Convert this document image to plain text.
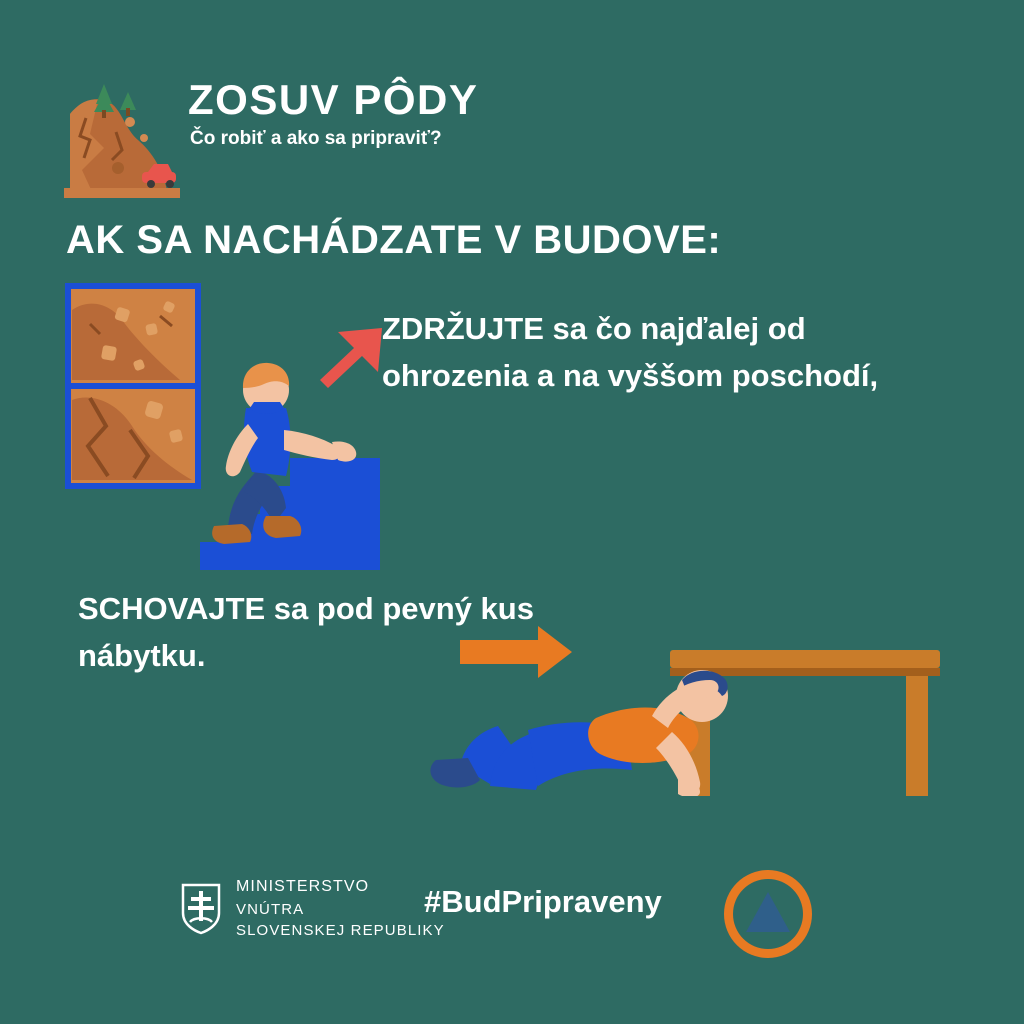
ZOSUV PÔDY
Čo robiť a ako sa pripraviť?
AK SA NACHÁDZATE V BUDOVE:
ZDRŽUJTE sa čo najďalej od ohrozenia a na vyššom poschodí,
SCHOVAJTE sa pod pevný kus nábytku.
MINISTERSTVO
VNÚTRA
SLOVENSKEJ REPUBLIKY
#BudPripraveny
